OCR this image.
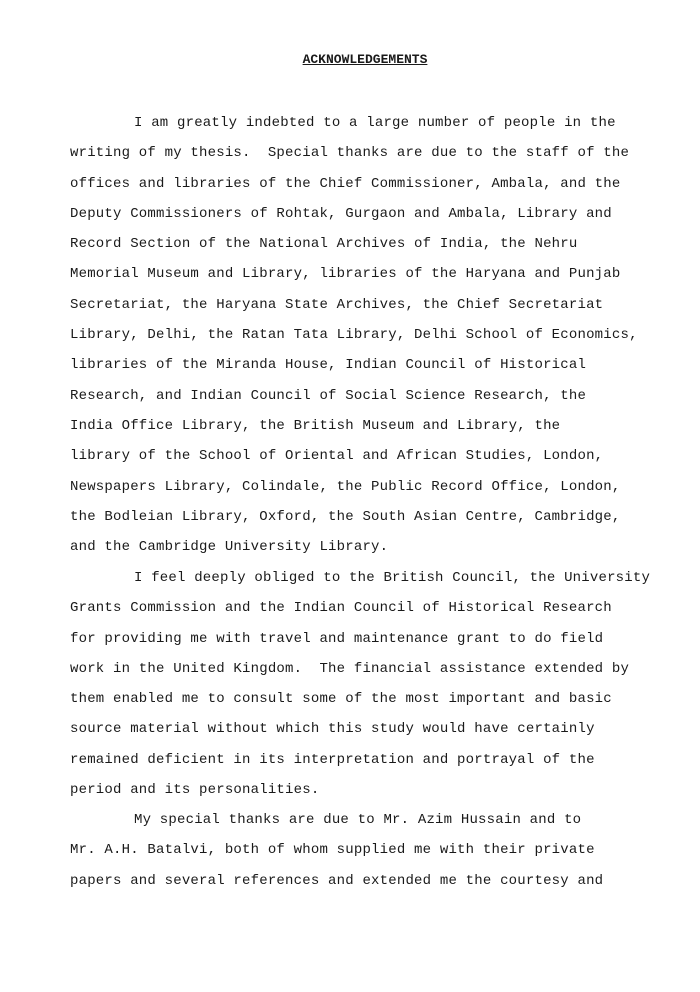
ACKNOWLEDGEMENTS
I am greatly indebted to a large number of people in the
writing of my thesis.  Special thanks are due to the staff of the
offices and libraries of the Chief Commissioner, Ambala, and the
Deputy Commissioners of Rohtak, Gurgaon and Ambala, Library and
Record Section of the National Archives of India, the Nehru
Memorial Museum and Library, libraries of the Haryana and Punjab
Secretariat, the Haryana State Archives, the Chief Secretariat
Library, Delhi, the Ratan Tata Library, Delhi School of Economics,
libraries of the Miranda House, Indian Council of Historical
Research, and Indian Council of Social Science Research, the
India Office Library, the British Museum and Library, the
library of the School of Oriental and African Studies, London,
Newspapers Library, Colindale, the Public Record Office, London,
the Bodleian Library, Oxford, the South Asian Centre, Cambridge,
and the Cambridge University Library.
I feel deeply obliged to the British Council, the University
Grants Commission and the Indian Council of Historical Research
for providing me with travel and maintenance grant to do field
work in the United Kingdom.  The financial assistance extended by
them enabled me to consult some of the most important and basic
source material without which this study would have certainly
remained deficient in its interpretation and portrayal of the
period and its personalities.
My special thanks are due to Mr. Azim Hussain and to
Mr. A.H. Batalvi, both of whom supplied me with their private
papers and several references and extended me the courtesy and
